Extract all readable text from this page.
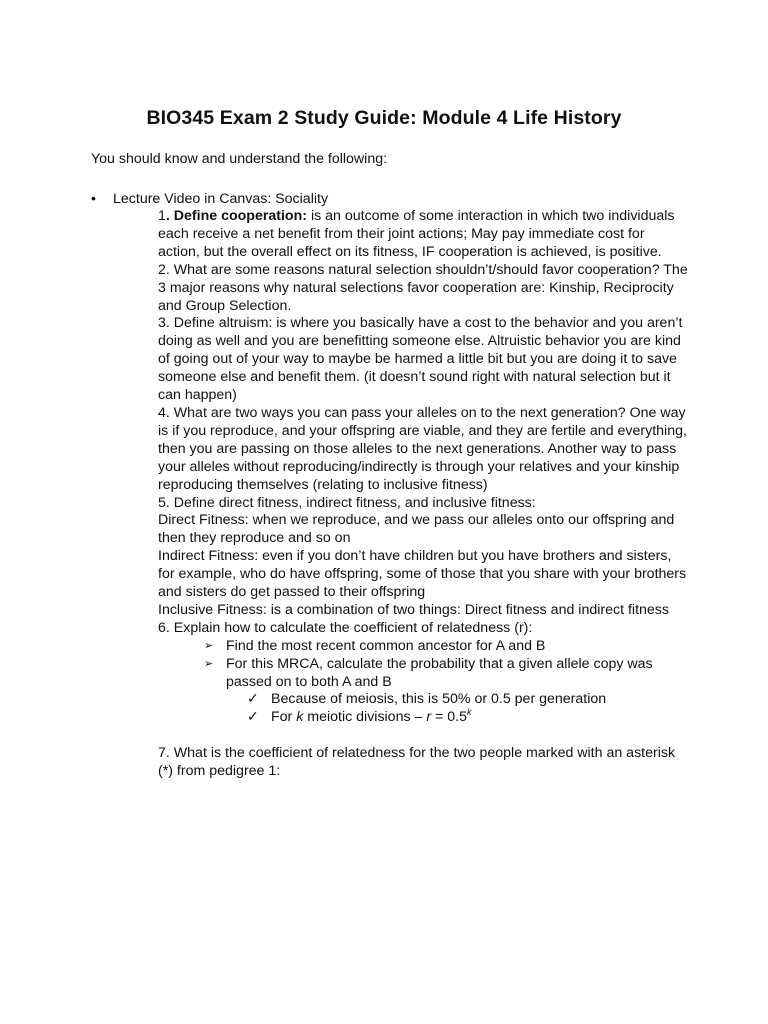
BIO345 Exam 2 Study Guide: Module 4 Life History

You should know and understand the following:

• Lecture Video in Canvas: Sociality

1. Define cooperation: is an outcome of some interaction in which two individuals each receive a net benefit from their joint actions; May pay immediate cost for action, but the overall effect on its fitness, IF cooperation is achieved, is positive.

2. What are some reasons natural selection shouldn’t/should favor cooperation? The 3 major reasons why natural selections favor cooperation are: Kinship, Reciprocity and Group Selection.

3. Define altruism: is where you basically have a cost to the behavior and you aren’t doing as well and you are benefitting someone else. Altruistic behavior you are kind of going out of your way to maybe be harmed a little bit but you are doing it to save someone else and benefit them. (it doesn’t sound right with natural selection but it can happen)

4. What are two ways you can pass your alleles on to the next generation? One way is if you reproduce, and your offspring are viable, and they are fertile and everything, then you are passing on those alleles to the next generations. Another way to pass your alleles without reproducing/indirectly is through your relatives and your kinship reproducing themselves (relating to inclusive fitness)

5. Define direct fitness, indirect fitness, and inclusive fitness:

Direct Fitness: when we reproduce, and we pass our alleles onto our offspring and then they reproduce and so on

Indirect Fitness: even if you don’t have children but you have brothers and sisters, for example, who do have offspring, some of those that you share with your brothers and sisters do get passed to their offspring

Inclusive Fitness: is a combination of two things: Direct fitness and indirect fitness

6. Explain how to calculate the coefficient of relatedness (r):

➢ Find the most recent common ancestor for A and B

➢ For this MRCA, calculate the probability that a given allele copy was passed on to both A and B

✓ Because of meiosis, this is 50% or 0.5 per generation

✓ For k meiotic divisions – $r = 0.5^k$

7. What is the coefficient of relatedness for the two people marked with an asterisk (*) from pedigree 1:
